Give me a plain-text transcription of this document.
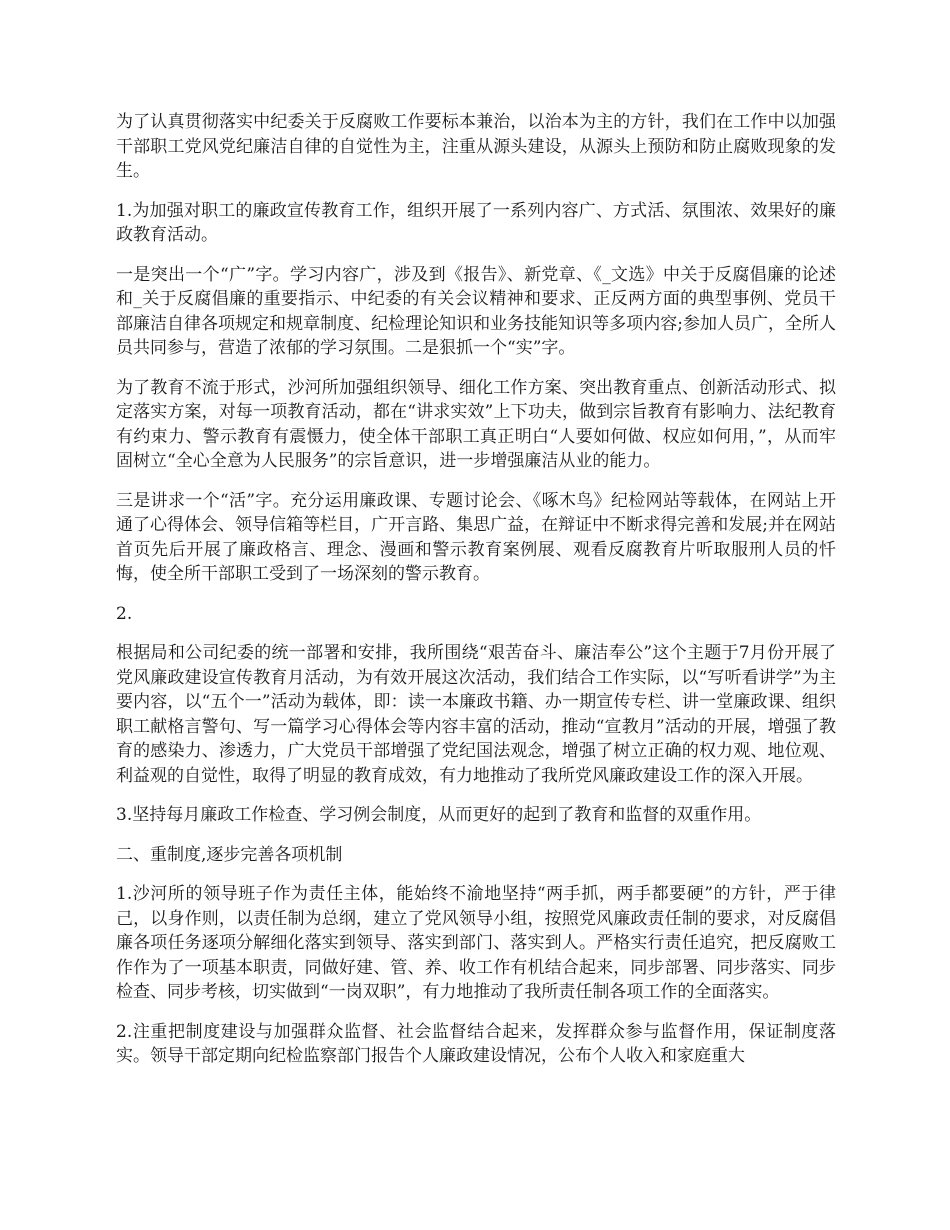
为了认真贯彻落实中纪委关于反腐败工作要标本兼治，以治本为主的方针，我们在工作中以加强干部职工党风党纪廉洁自律的自觉性为主，注重从源头建设，从源头上预防和防止腐败现象的发生。

1.为加强对职工的廉政宣传教育工作，组织开展了一系列内容广、方式活、氛围浓、效果好的廉政教育活动。

一是突出一个“广”字。学习内容广，涉及到《报告》、新党章、《_文选》中关于反腐倡廉的论述和_关于反腐倡廉的重要指示、中纪委的有关会议精神和要求、正反两方面的典型事例、党员干部廉洁自律各项规定和规章制度、纪检理论知识和业务技能知识等多项内容;参加人员广，全所人员共同参与，营造了浓郁的学习氛围。二是狠抓一个“实”字。

为了教育不流于形式，沙河所加强组织领导、细化工作方案、突出教育重点、创新活动形式、拟定落实方案，对每一项教育活动，都在“讲求实效”上下功夫，做到宗旨教育有影响力、法纪教育有约束力、警示教育有震慑力，使全体干部职工真正明白“人要如何做、权应如何用，”，从而牢固树立“全心全意为人民服务”的宗旨意识，进一步增强廉洁从业的能力。

三是讲求一个“活”字。充分运用廉政课、专题讨论会、《啄木鸟》纪检网站等载体，在网站上开通了心得体会、领导信箱等栏目，广开言路、集思广益，在辩证中不断求得完善和发展;并在网站首页先后开展了廉政格言、理念、漫画和警示教育案例展、观看反腐教育片听取服刑人员的忏悔，使全所干部职工受到了一场深刻的警示教育。

2.

根据局和公司纪委的统一部署和安排，我所围绕“艰苦奋斗、廉洁奉公”这个主题于7月份开展了党风廉政建设宣传教育月活动，为有效开展这次活动，我们结合工作实际，以“写听看讲学”为主要内容，以“五个一”活动为载体，即：读一本廉政书籍、办一期宣传专栏、讲一堂廉政课、组织职工献格言警句、写一篇学习心得体会等内容丰富的活动，推动“宣教月”活动的开展，增强了教育的感染力、渗透力，广大党员干部增强了党纪国法观念，增强了树立正确的权力观、地位观、利益观的自觉性，取得了明显的教育成效，有力地推动了我所党风廉政建设工作的深入开展。

3.坚持每月廉政工作检查、学习例会制度，从而更好的起到了教育和监督的双重作用。

二、重制度,逐步完善各项机制

1.沙河所的领导班子作为责任主体，能始终不渝地坚持“两手抓，两手都要硬”的方针，严于律己，以身作则，以责任制为总纲，建立了党风领导小组，按照党风廉政责任制的要求，对反腐倡廉各项任务逐项分解细化落实到领导、落实到部门、落实到人。严格实行责任追究，把反腐败工作作为了一项基本职责，同做好建、管、养、收工作有机结合起来，同步部署、同步落实、同步检查、同步考核，切实做到“一岗双职”，有力地推动了我所责任制各项工作的全面落实。

2.注重把制度建设与加强群众监督、社会监督结合起来，发挥群众参与监督作用，保证制度落实。领导干部定期向纪检监察部门报告个人廉政建设情况，公布个人收入和家庭重大
